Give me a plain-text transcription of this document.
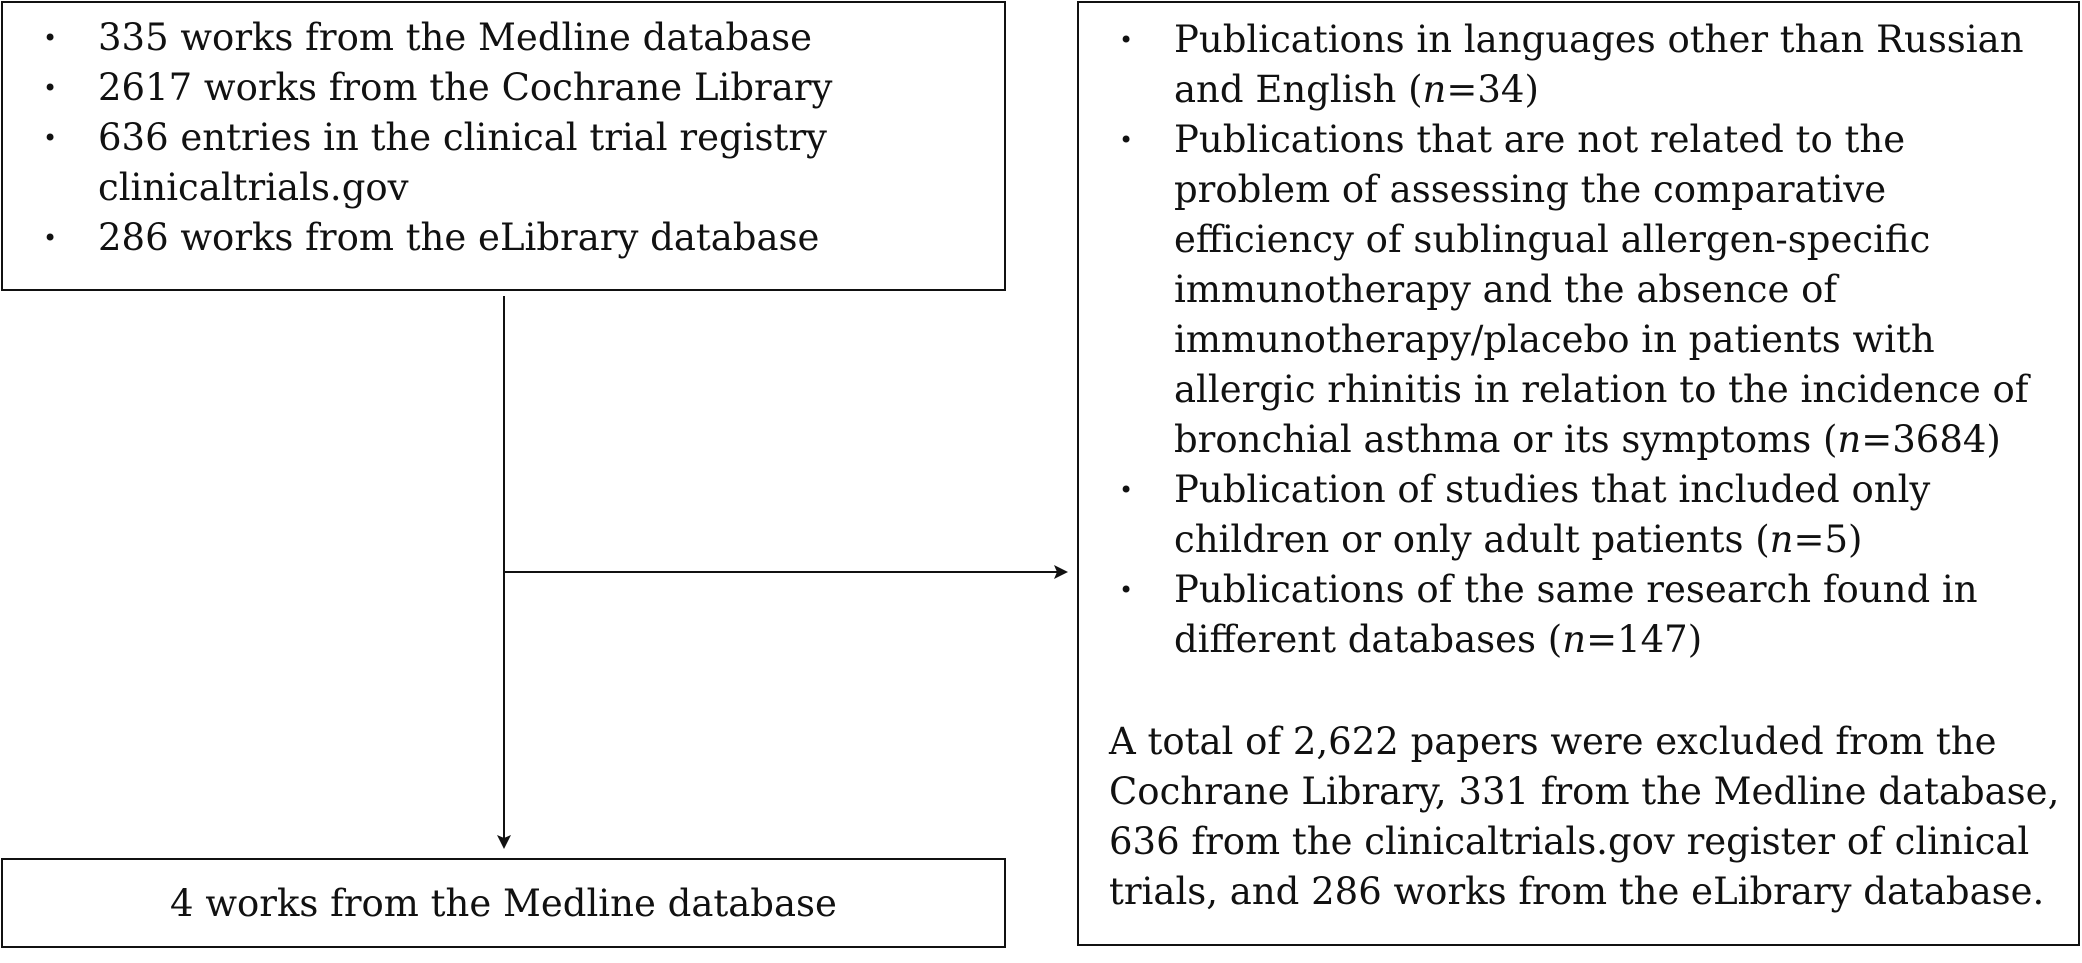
• 335 works from the Medline database
• 2617 works from the Cochrane Library
• 636 entries in the clinical trial registry clinicaltrials.gov
• 286 works from the eLibrary database
• Publications in languages other than Russian and English (n=34)
• Publications that are not related to the problem of assessing the comparative efficiency of sublingual allergen-specific immunotherapy and the absence of immunotherapy/placebo in patients with allergic rhinitis in relation to the incidence of bronchial asthma or its symptoms (n=3684)
• Publication of studies that included only children or only adult patients (n=5)
• Publications of the same research found in different databases (n=147)

A total of 2,622 papers were excluded from the Cochrane Library, 331 from the Medline database, 636 from the clinicaltrials.gov register of clinical trials, and 286 works from the eLibrary database.

4 works from the Medline database
